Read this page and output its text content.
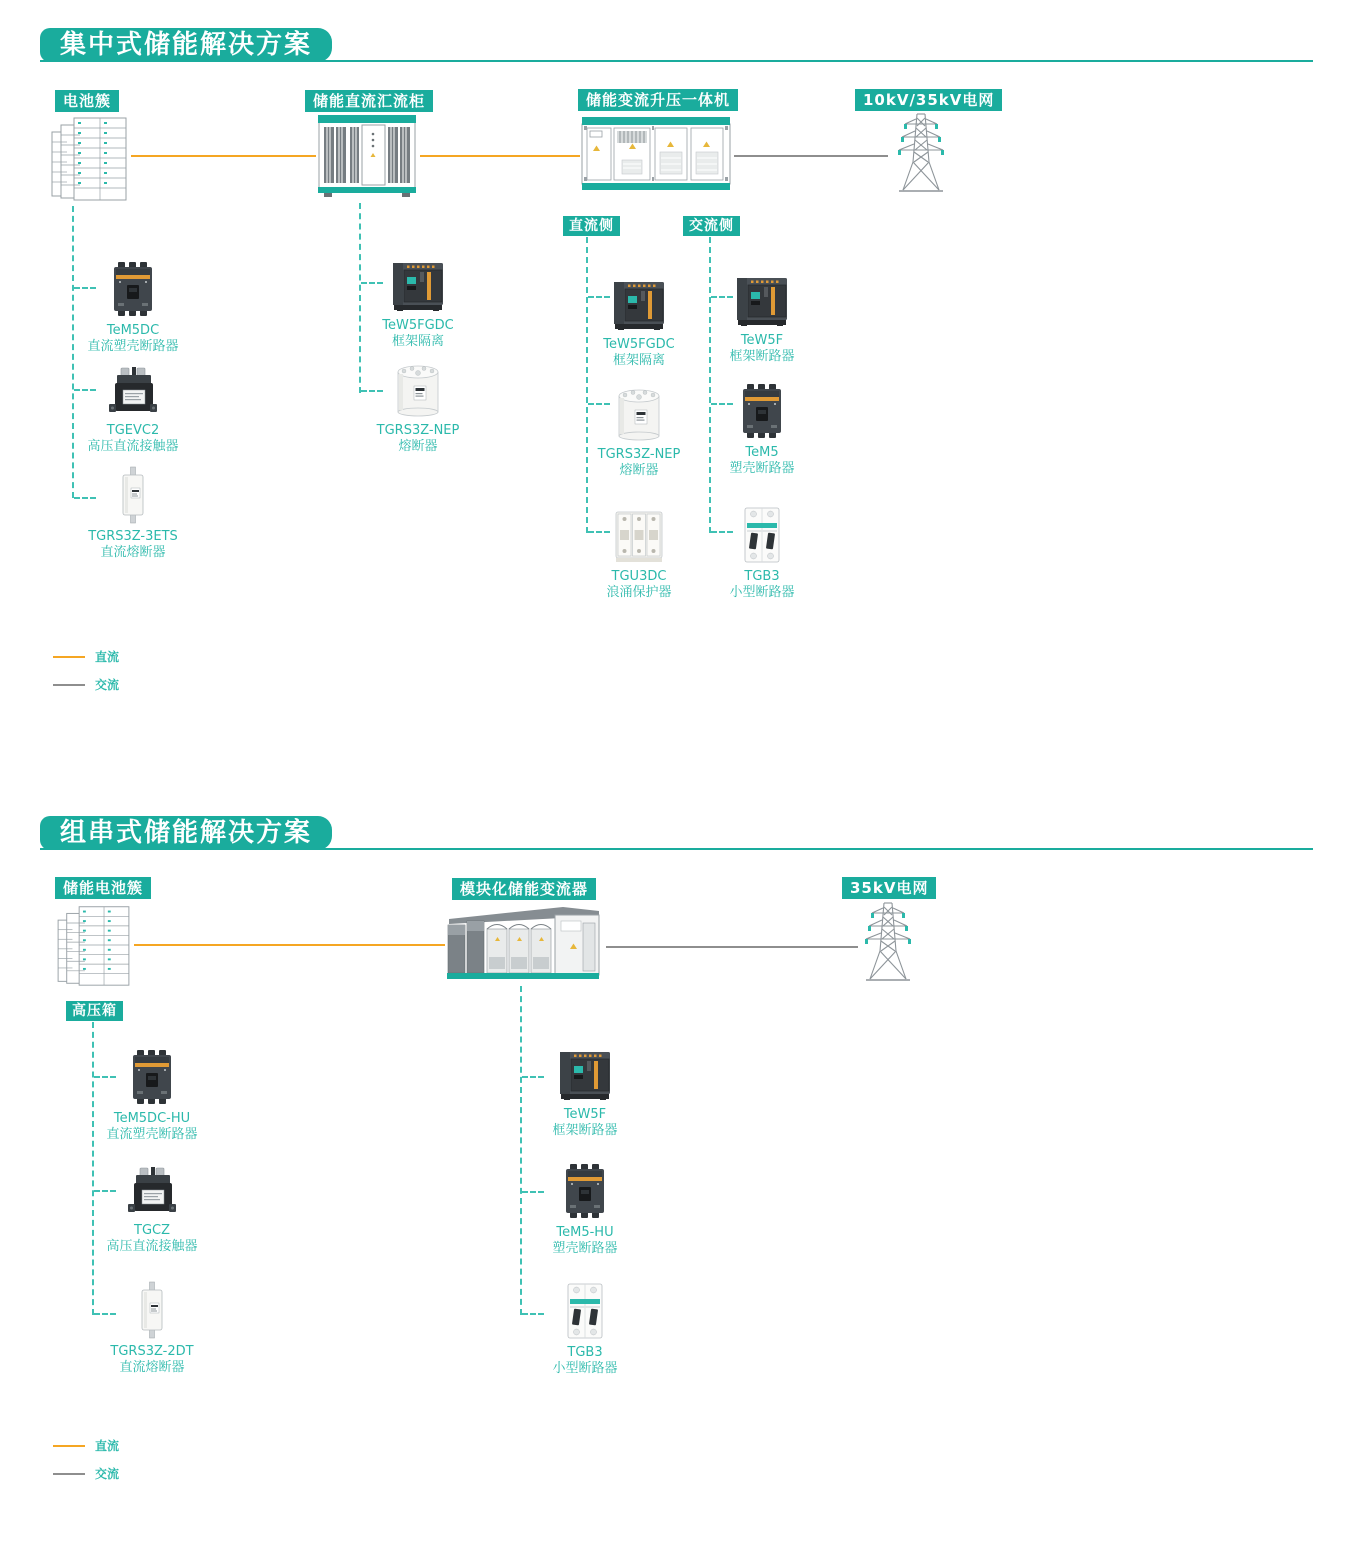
集中式储能解决方案
电池簇	储能直流汇流柜	储能变流升压一体机	10kV/35kV电网
直流侧	交流侧
TeM5DC
直流塑壳断路器
TGEVC2
高压直流接触器
TGRS3Z-3ETS
直流熔断器
TeW5FGDC
框架隔离
TGRS3Z-NEP
熔断器
TeW5FGDC
框架隔离
TGRS3Z-NEP
熔断器
TGU3DC
浪涌保护器
TeW5F
框架断路器
TeM5
塑壳断路器
TGB3
小型断路器
直流
交流
组串式储能解决方案
储能电池簇	模块化储能变流器	35kV电网
高压箱
TeM5DC-HU
直流塑壳断路器
TGCZ
高压直流接触器
TGRS3Z-2DT
直流熔断器
TeW5F
框架断路器
TeM5-HU
塑壳断路器
TGB3
小型断路器
直流
交流
